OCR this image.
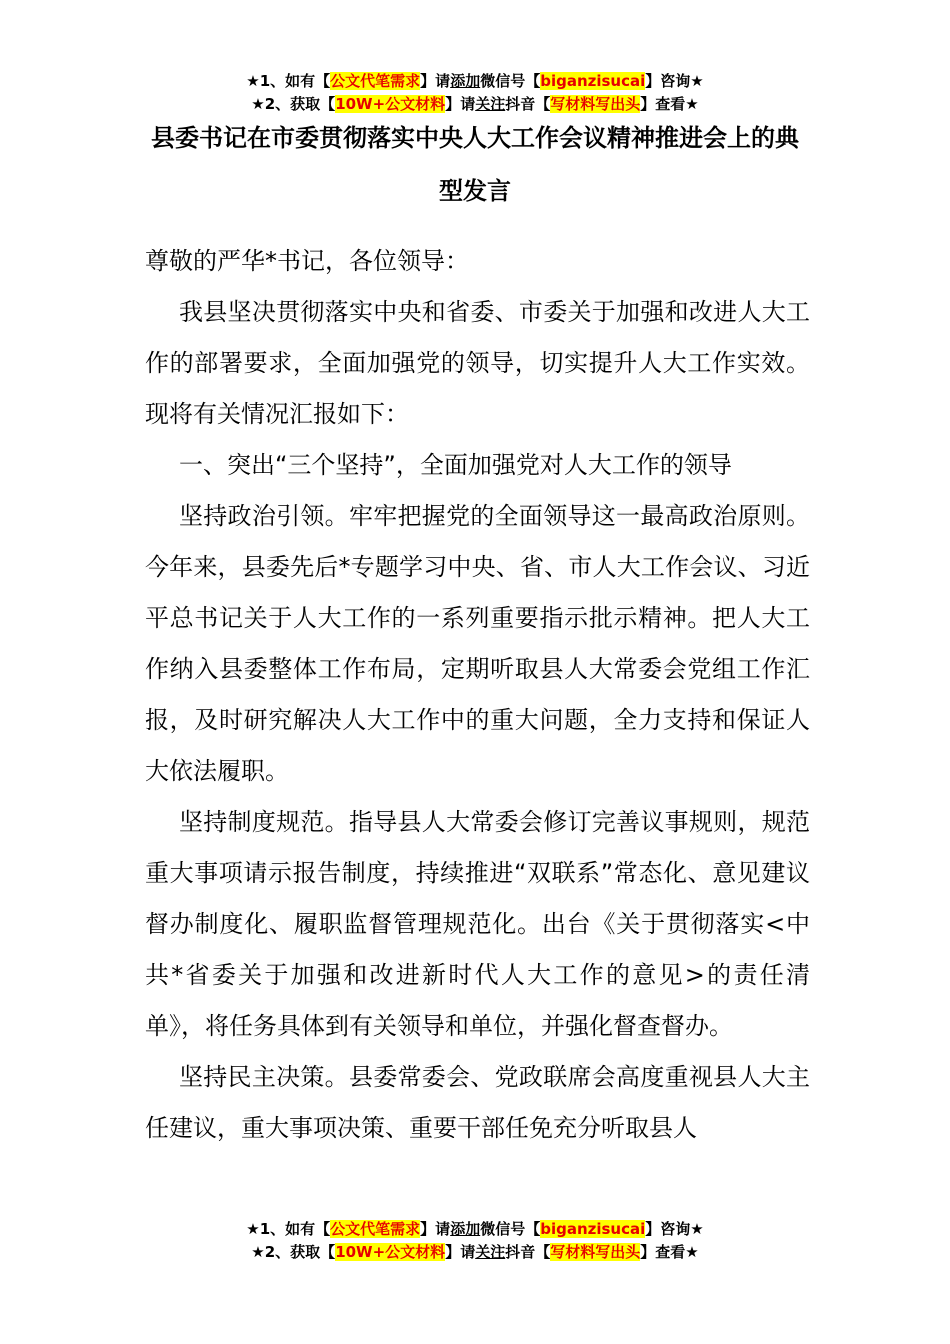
★1、如有【公文代笔需求】请添加微信号【biganzisucai】咨询★
★2、获取【10W+公文材料】请关注抖音【写材料写出头】查看★
县委书记在市委贯彻落实中央人大工作会议精神推进会上的典型发言

尊敬的严华*书记，各位领导：

我县坚决贯彻落实中央和省委、市委关于加强和改进人大工作的部署要求，全面加强党的领导，切实提升人大工作实效。现将有关情况汇报如下：

一、突出“三个坚持”，全面加强党对人大工作的领导

坚持政治引领。牢牢把握党的全面领导这一最高政治原则。今年来，县委先后*专题学习中央、省、市人大工作会议、习近平总书记关于人大工作的一系列重要指示批示精神。把人大工作纳入县委整体工作布局，定期听取县人大常委会党组工作汇报，及时研究解决人大工作中的重大问题，全力支持和保证人大依法履职。

坚持制度规范。指导县人大常委会修订完善议事规则，规范重大事项请示报告制度，持续推进“双联系”常态化、意见建议督办制度化、履职监督管理规范化。出台《关于贯彻落实<中共*省委关于加强和改进新时代人大工作的意见>的责任清单》，将任务具体到有关领导和单位，并强化督查督办。

坚持民主决策。县委常委会、党政联席会高度重视县人大主任建议，重大事项决策、重要干部任免充分听取县人

★1、如有【公文代笔需求】请添加微信号【biganzisucai】咨询★
★2、获取【10W+公文材料】请关注抖音【写材料写出头】查看★
